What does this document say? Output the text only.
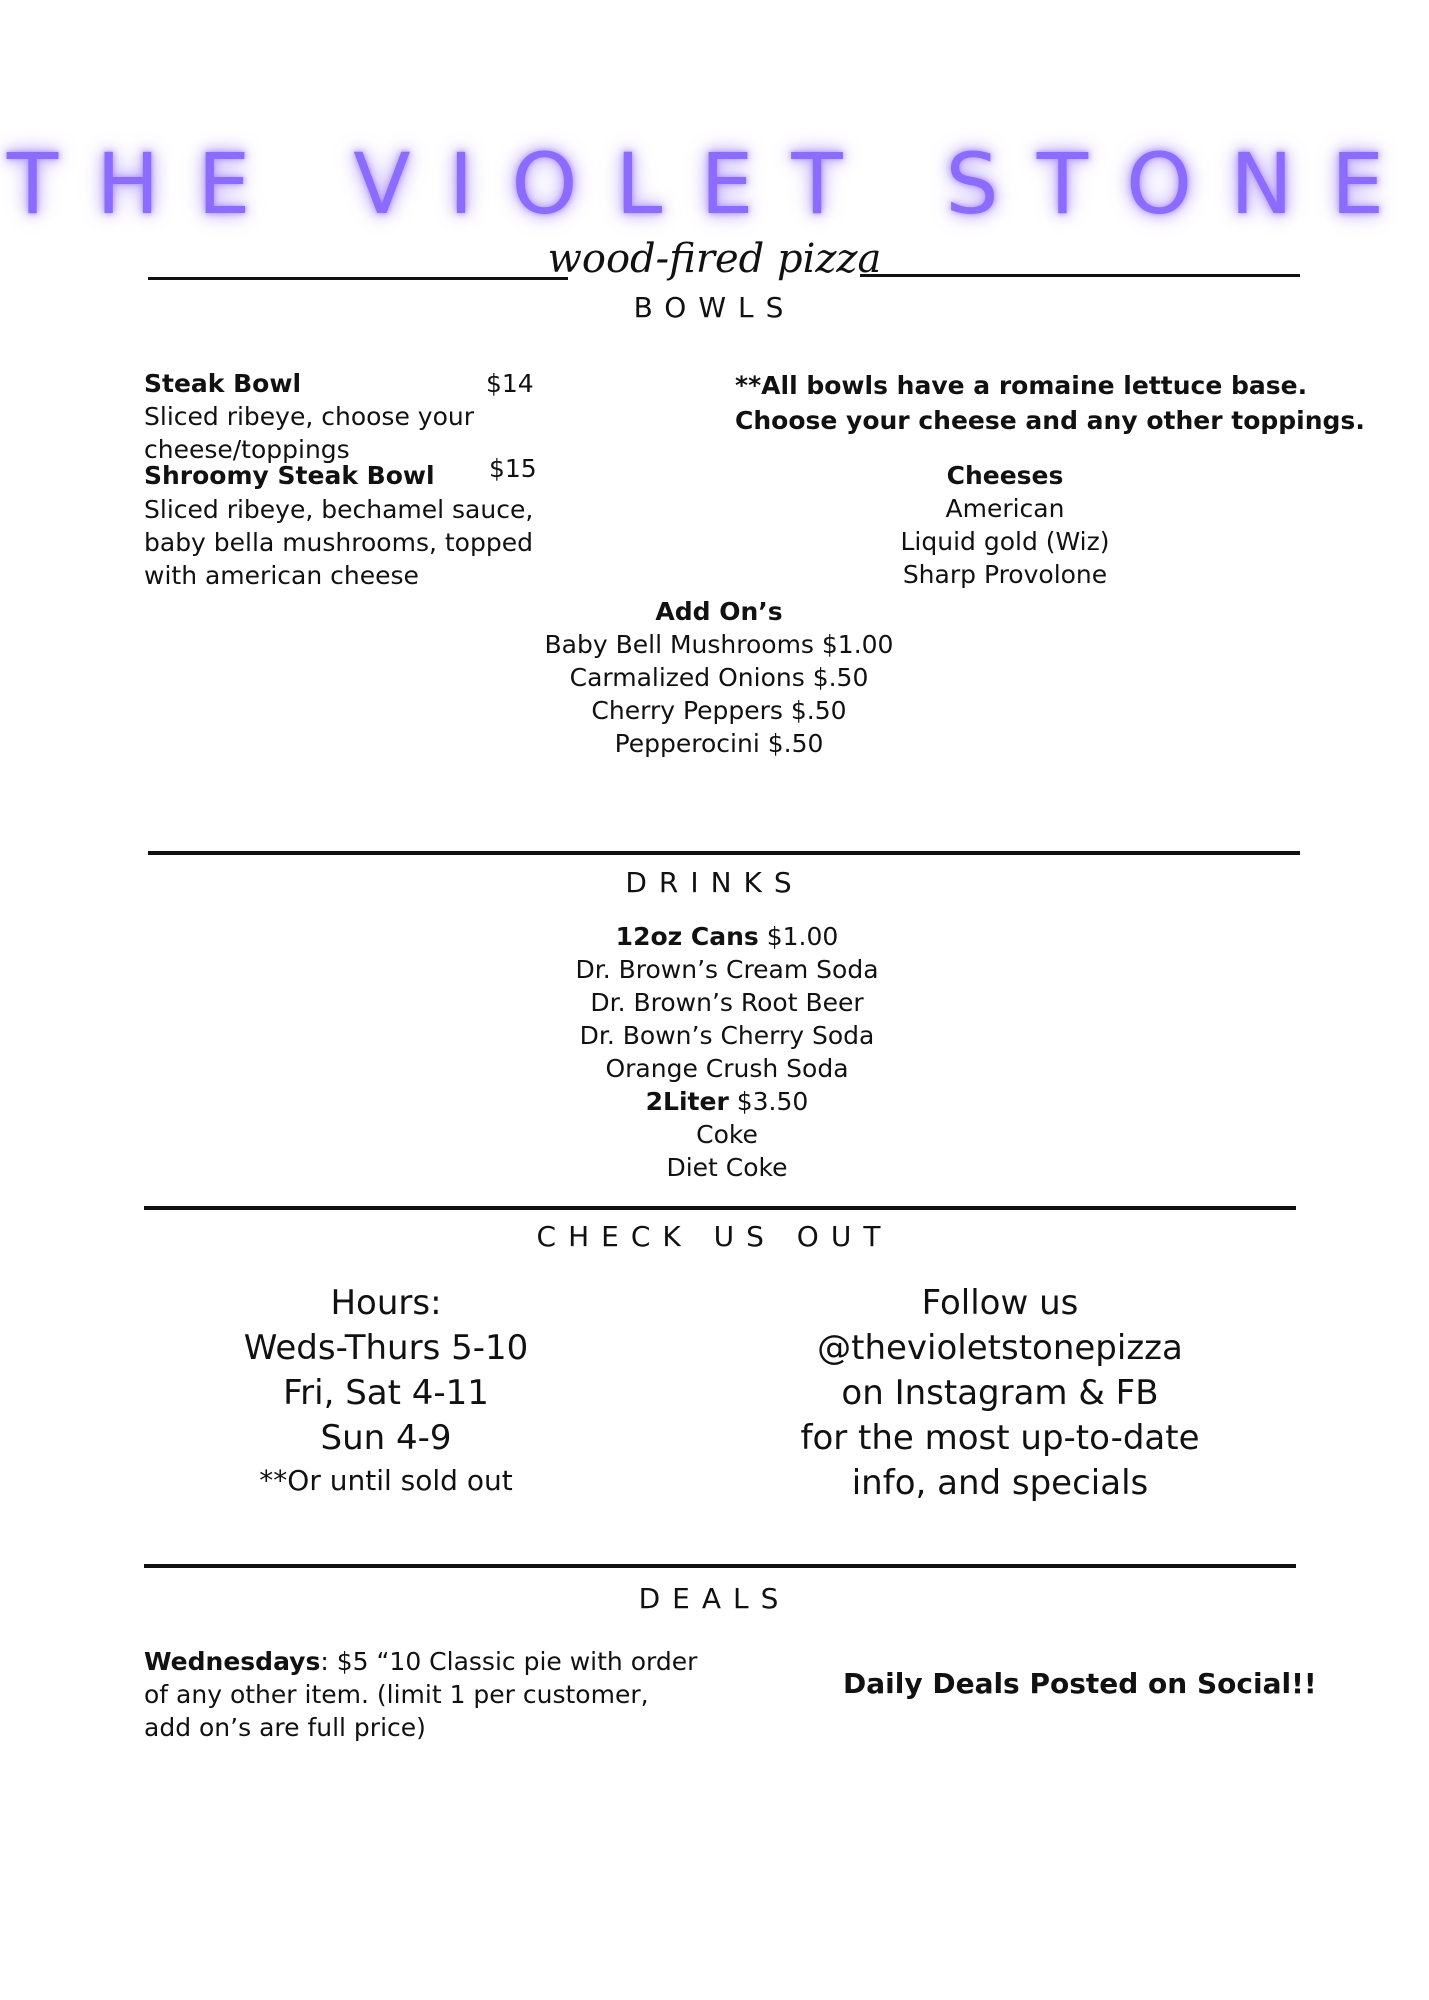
THE VIOLET STONE
wood-fired pizza
BOWLS
Steak Bowl	$14
Sliced ribeye, choose your
cheese/toppings
Shroomy Steak Bowl $15
Sliced ribeye, bechamel sauce,
baby bella mushrooms, topped
with american cheese
**All bowls have a romaine lettuce base.
Choose your cheese and any other toppings.
Cheeses
American
Liquid gold (Wiz)
Sharp Provolone
Add On’s
Baby Bell Mushrooms $1.00
Carmalized Onions $.50
Cherry Peppers $.50
Pepperocini $.50
DRINKS
12oz Cans $1.00
Dr. Brown’s Cream Soda
Dr. Brown’s Root Beer
Dr. Bown’s Cherry Soda
Orange Crush Soda
2Liter $3.50
Coke
Diet Coke
CHECK US OUT
Hours:
Weds-Thurs 5-10
Fri, Sat 4-11
Sun 4-9
**Or until sold out
Follow us
@thevioletstonepizza
on Instagram & FB
for the most up-to-date
info, and specials
DEALS
Wednesdays: $5 “10 Classic pie with order
of any other item. (limit 1 per customer,
add on’s are full price)
Daily Deals Posted on Social!!
